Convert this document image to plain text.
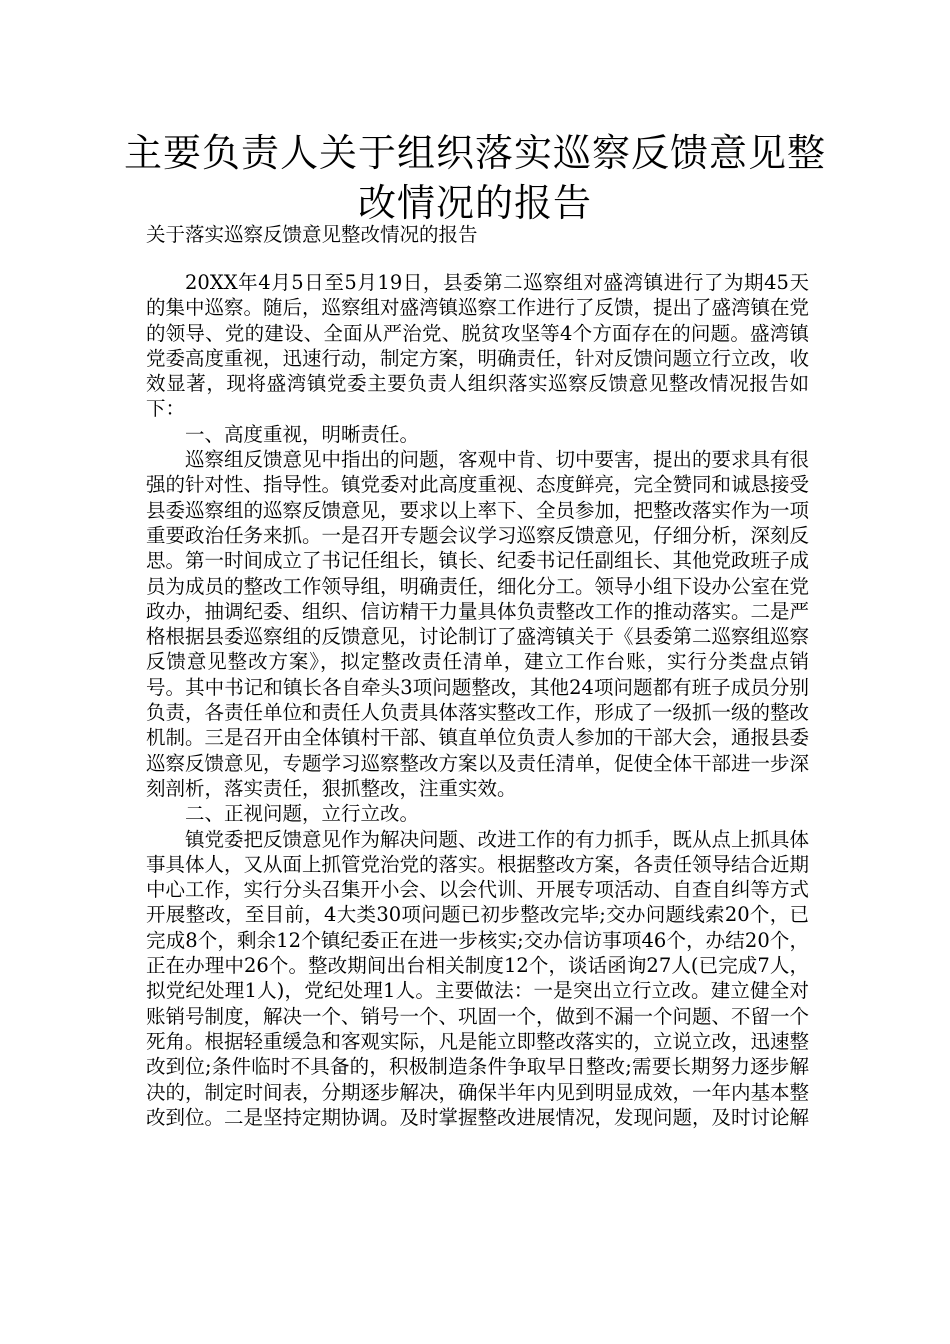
主要负责人关于组织落实巡察反馈意见整改情况的报告

关于落实巡察反馈意见整改情况的报告

20XX年4月5日至5月19日，县委第二巡察组对盛湾镇进行了为期45天的集中巡察。随后，巡察组对盛湾镇巡察工作进行了反馈，提出了盛湾镇在党的领导、党的建设、全面从严治党、脱贫攻坚等4个方面存在的问题。盛湾镇党委高度重视，迅速行动，制定方案，明确责任，针对反馈问题立行立改，收效显著，现将盛湾镇党委主要负责人组织落实巡察反馈意见整改情况报告如下：

一、高度重视，明晰责任。

巡察组反馈意见中指出的问题，客观中肯、切中要害，提出的要求具有很强的针对性、指导性。镇党委对此高度重视、态度鲜亮，完全赞同和诚恳接受县委巡察组的巡察反馈意见，要求以上率下、全员参加，把整改落实作为一项重要政治任务来抓。一是召开专题会议学习巡察反馈意见，仔细分析，深刻反思。第一时间成立了书记任组长，镇长、纪委书记任副组长、其他党政班子成员为成员的整改工作领导组，明确责任，细化分工。领导小组下设办公室在党政办，抽调纪委、组织、信访精干力量具体负责整改工作的推动落实。二是严格根据县委巡察组的反馈意见，讨论制订了盛湾镇关于《县委第二巡察组巡察反馈意见整改方案》，拟定整改责任清单，建立工作台账，实行分类盘点销号。其中书记和镇长各自牵头3项问题整改，其他24项问题都有班子成员分别负责，各责任单位和责任人负责具体落实整改工作，形成了一级抓一级的整改机制。三是召开由全体镇村干部、镇直单位负责人参加的干部大会，通报县委巡察反馈意见，专题学习巡察整改方案以及责任清单，促使全体干部进一步深刻剖析，落实责任，狠抓整改，注重实效。

二、正视问题，立行立改。

镇党委把反馈意见作为解决问题、改进工作的有力抓手，既从点上抓具体事具体人，又从面上抓管党治党的落实。根据整改方案，各责任领导结合近期中心工作，实行分头召集开小会、以会代训、开展专项活动、自查自纠等方式开展整改，至目前，4大类30项问题已初步整改完毕;交办问题线索20个，已完成8个，剩余12个镇纪委正在进一步核实;交办信访事项46个，办结20个，正在办理中26个。整改期间出台相关制度12个，谈话函询27人(已完成7人，拟党纪处理1人)，党纪处理1人。主要做法：一是突出立行立改。建立健全对账销号制度，解决一个、销号一个、巩固一个，做到不漏一个问题、不留一个死角。根据轻重缓急和客观实际，凡是能立即整改落实的，立说立改，迅速整改到位;条件临时不具备的，积极制造条件争取早日整改;需要长期努力逐步解决的，制定时间表，分期逐步解决，确保半年内见到明显成效，一年内基本整改到位。二是坚持定期协调。及时掌握整改进展情况，发现问题，及时讨论解
